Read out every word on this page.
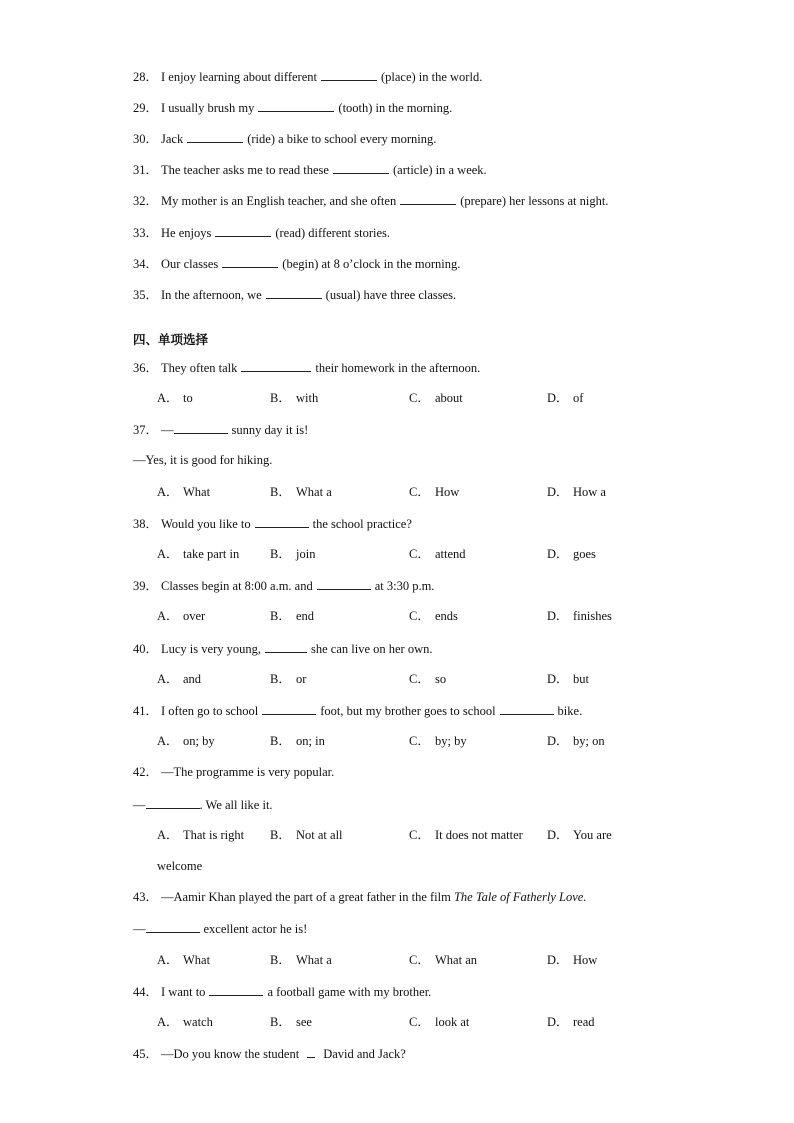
28． I enjoy learning about different	(place) in the world.
29． I usually brush my	(tooth) in the morning.
30． Jack	(ride) a bike to school every morning.
31． The teacher asks me to read these	(article) in a week.
32． My mother is an English teacher, and she often	(prepare) her lessons at night.
33． He enjoys	(read) different stories.
34． Our classes	(begin) at 8 o’clock in the morning.
35． In the afternoon, we	(usual) have three classes.
四、单项选择
36． They often talk	their homework in the afternoon.
A． to	B． with	C． about	D． of
37． —	sunny day it is!
—Yes, it is good for hiking.
A． What	B． What a	C． How	D． How a
38． Would you like to	the school practice?
A． take part in B． join	C． attend	D． goes
39． Classes begin at 8:00 a.m. and	at 3:30 p.m.
A． over	B． end	C． ends	D． finishes
40． Lucy is very young,	she can live on her own.
A． and	B． or	C． so	D． but
41． I often go to school	foot, but my brother goes to school	bike.
A． on; by	B． on; in	C． by; by	D． by; on
42． —The programme is very popular.
—	. We all like it.
A． That is right B． Not at all	C． It does not matter D． You are
welcome
43． —Aamir Khan played the part of a great father in the film The Tale of Fatherly Love.
—	excellent actor he is!
A． What	B． What a	C． What an	D． How
44． I want to	a football game with my brother.
A． watch	B． see	C． look at	D． read
45． —Do you know the student David and Jack?
